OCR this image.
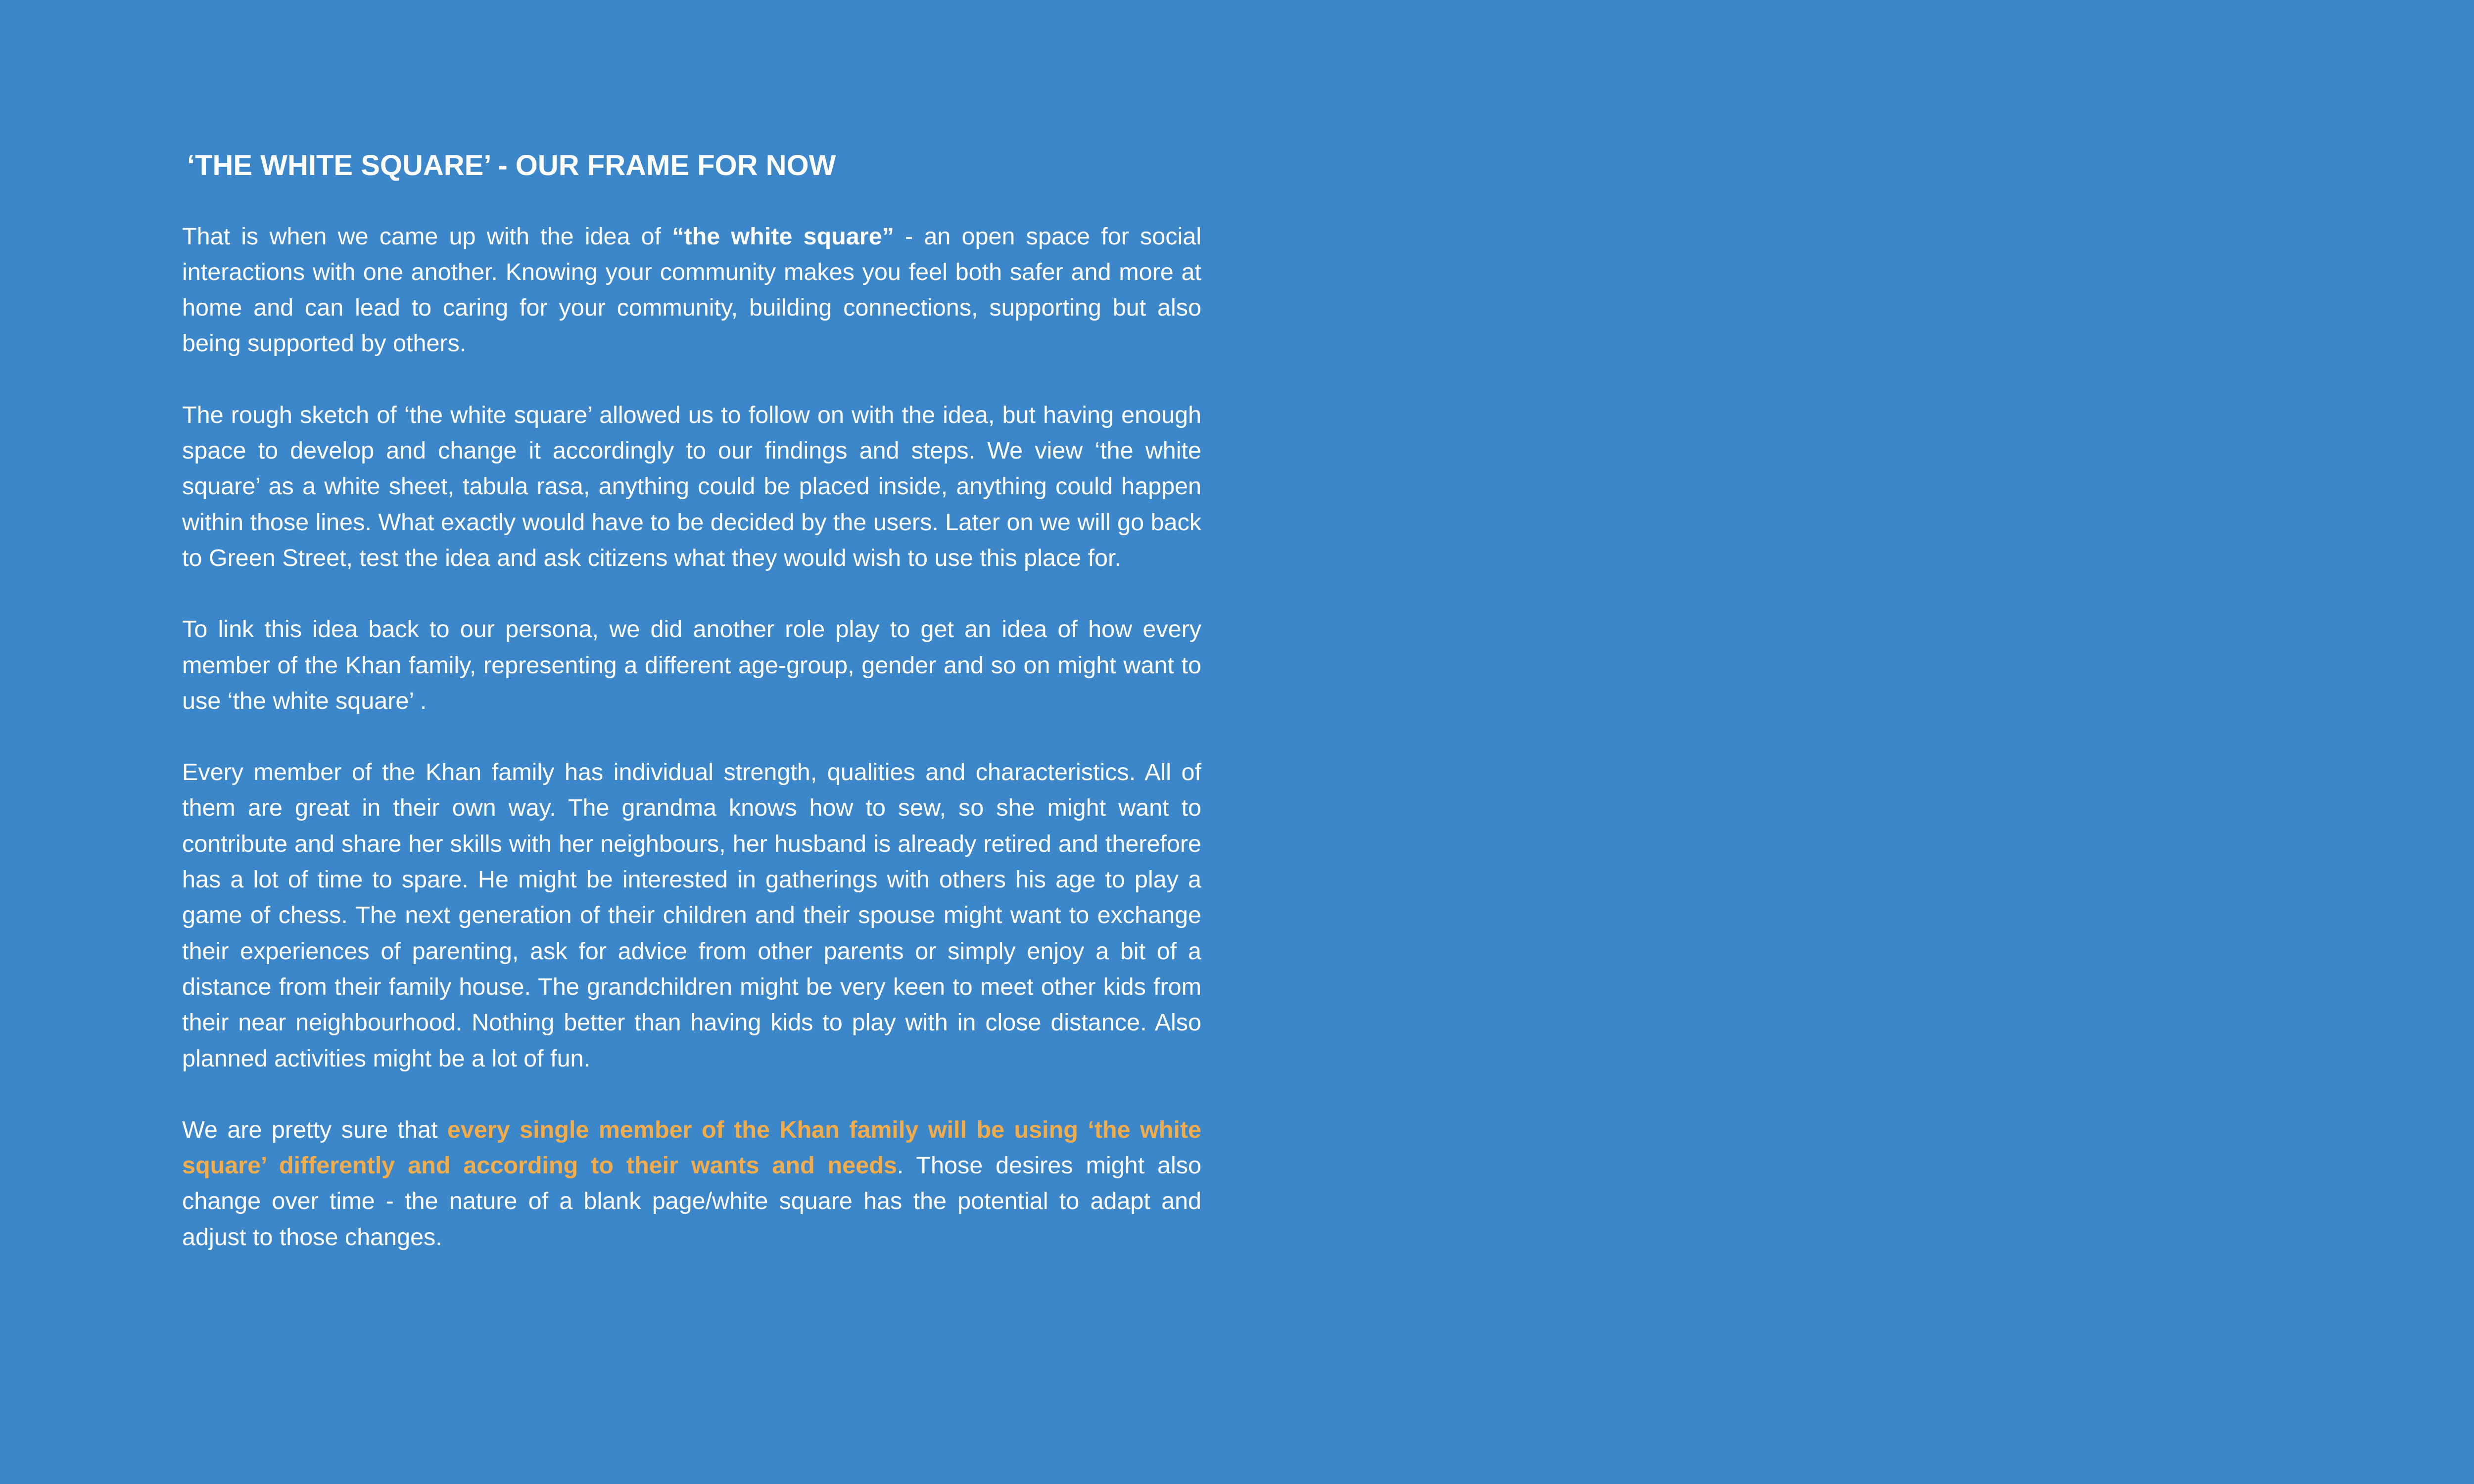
‘THE WHITE SQUARE’ - OUR FRAME FOR NOW

That is when we came up with the idea of “the white square” - an open space for social interactions with one another. Knowing your community makes you feel both safer and more at home and can lead to caring for your community, building connections, supporting but also being supported by others.

The rough sketch of ‘the white square’ allowed us to follow on with the idea, but having enough space to develop and change it accordingly to our findings and steps. We view ‘the white square’ as a white sheet, tabula rasa, anything could be placed inside, anything could happen within those lines. What exactly would have to be decided by the users. Later on we will go back to Green Street, test the idea and ask citizens what they would wish to use this place for.

To link this idea back to our persona, we did another role play to get an idea of how every member of the Khan family, representing a different age-group, gender and so on might want to use ‘the white square’ .

Every member of the Khan family has individual strength, qualities and characteristics. All of them are great in their own way. The grandma knows how to sew, so she might want to contribute and share her skills with her neighbours, her husband is already retired and therefore has a lot of time to spare. He might be interested in gatherings with others his age to play a game of chess. The next generation of their children and their spouse might want to exchange their experiences of parenting, ask for advice from other parents or simply enjoy a bit of a distance from their family house. The grandchildren might be very keen to meet other kids from their near neighbourhood. Nothing better than having kids to play with in close distance. Also planned activities might be a lot of fun.

We are pretty sure that every single member of the Khan family will be using ‘the white square’ differently and according to their wants and needs. Those desires might also change over time - the nature of a blank page/white square has the potential to adapt and adjust to those changes.
